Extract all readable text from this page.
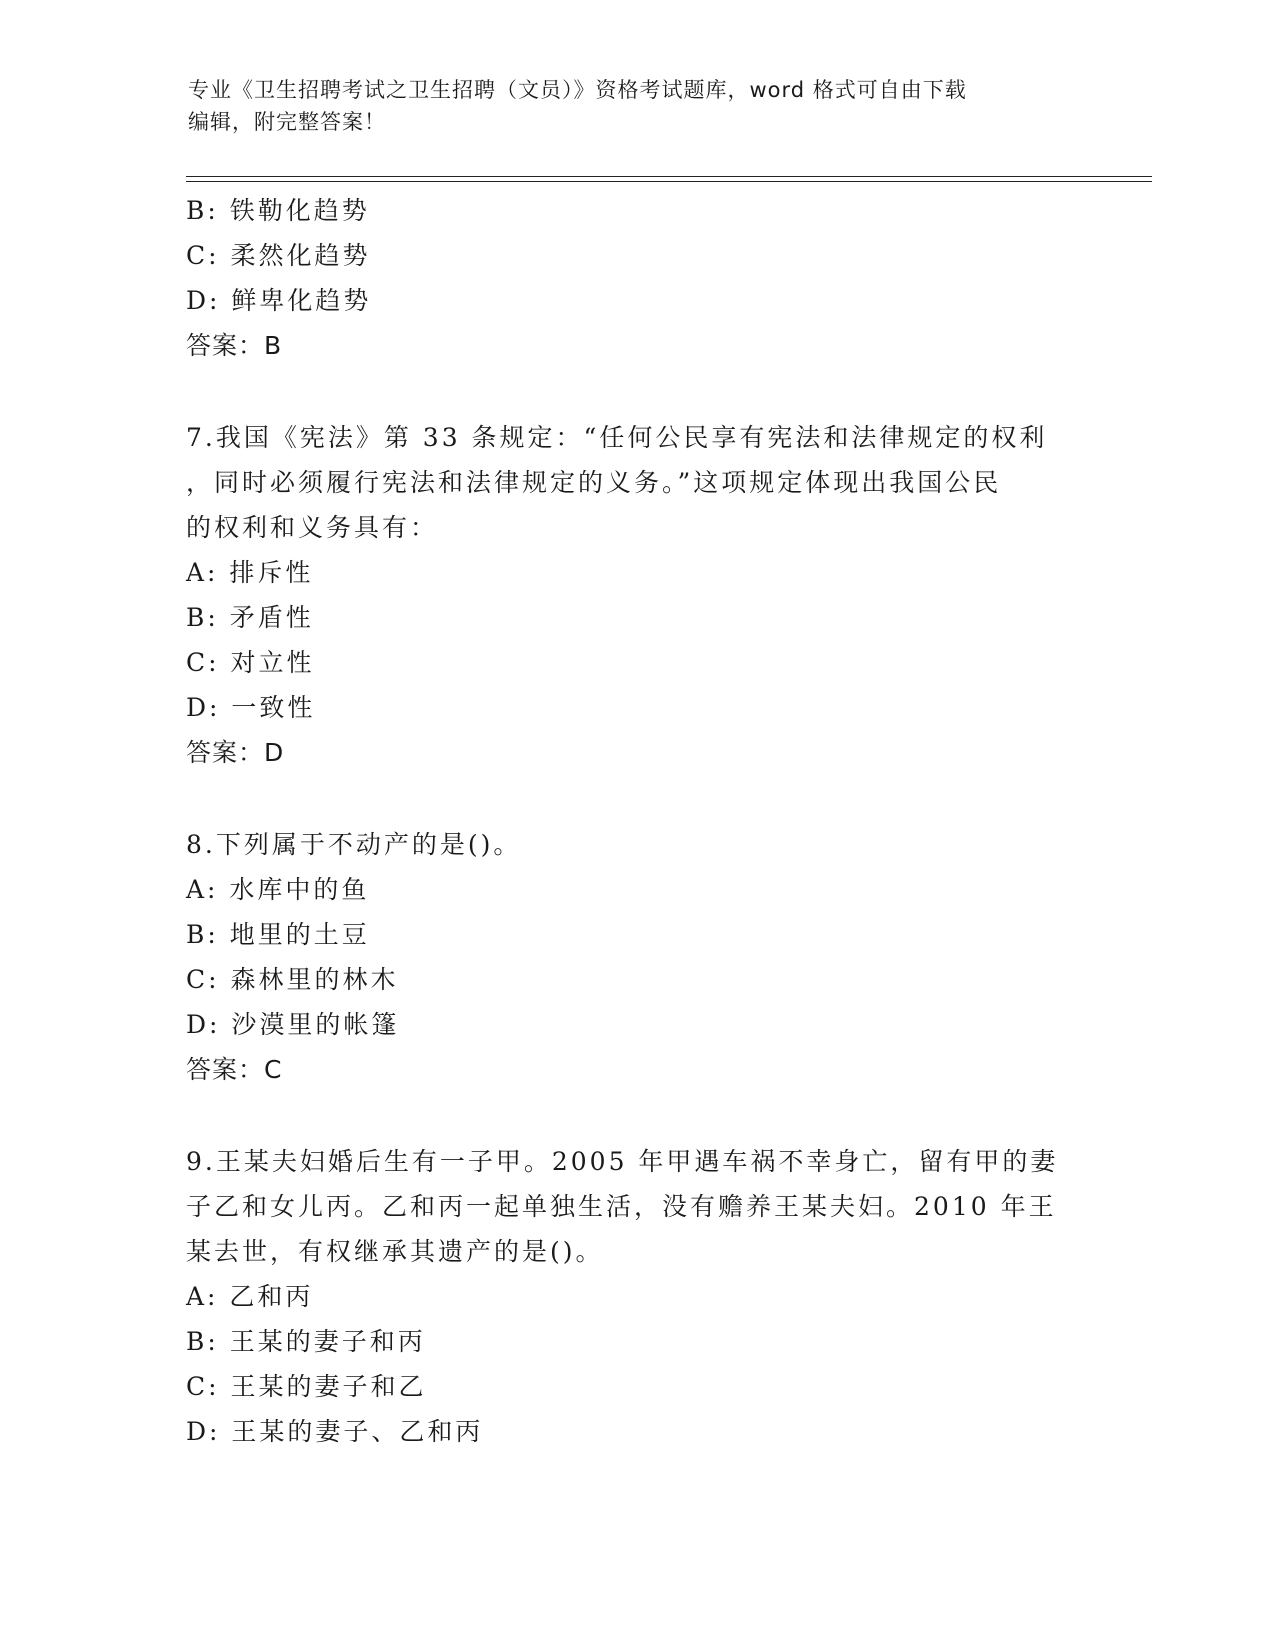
专业《卫生招聘考试之卫生招聘（文员）》资格考试题库，word 格式可自由下载
编辑，附完整答案！
B: 铁勒化趋势
C: 柔然化趋势
D: 鲜卑化趋势
答案：B
7.我国《宪法》第 33 条规定：“任何公民享有宪法和法律规定的权利
，同时必须履行宪法和法律规定的义务。”这项规定体现出我国公民
的权利和义务具有：
A: 排斥性
B: 矛盾性
C: 对立性
D: 一致性
答案：D
8.下列属于不动产的是()。
A: 水库中的鱼
B: 地里的土豆
C: 森林里的林木
D: 沙漠里的帐篷
答案：C
9.王某夫妇婚后生有一子甲。2005 年甲遇车祸不幸身亡，留有甲的妻
子乙和女儿丙。乙和丙一起单独生活，没有赡养王某夫妇。2010 年王
某去世，有权继承其遗产的是()。
A: 乙和丙
B: 王某的妻子和丙
C: 王某的妻子和乙
D: 王某的妻子、乙和丙
